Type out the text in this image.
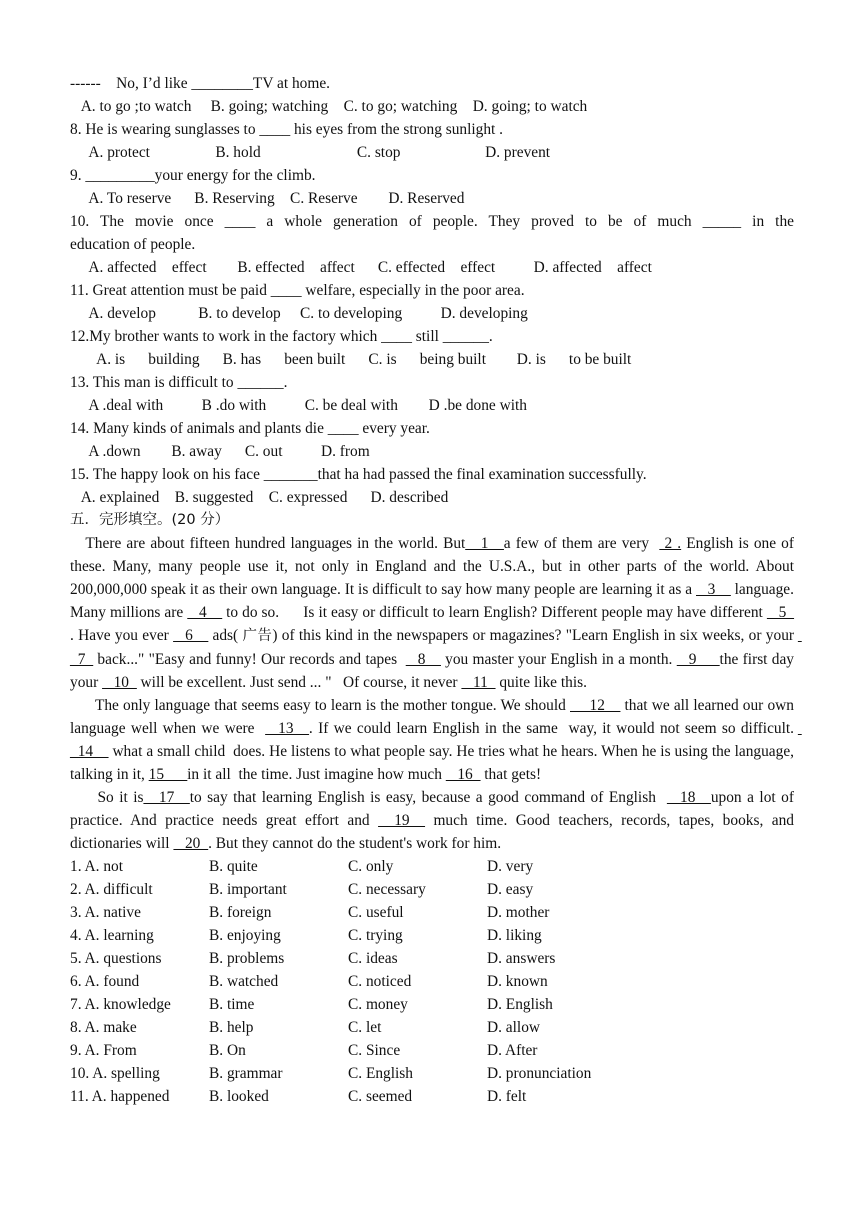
------    No, I’d like ________TV at home.
A. to go ;to watch     B. going; watching    C. to go; watching    D. going; to watch
8. He is wearing sunglasses to ____ his eyes from the strong sunlight .
A. protect                 B. hold                         C. stop                      D. prevent
9. _________your energy for the climb.
A. To reserve      B. Reserving    C. Reserve        D. Reserved
10. The movie once ____ a whole generation of people. They proved to be of much _____ in the
education of people.
A. affected    effect        B. effected    affect      C. effected    effect          D. affected    affect
11. Great attention must be paid ____ welfare, especially in the poor area.
A. develop           B. to develop     C. to developing          D. developing
12.My brother wants to work in the factory which ____ still ______.
A. is      building      B. has      been built      C. is      being built        D. is      to be built
13. This man is difficult to ______.
A .deal with          B .do with          C. be deal with        D .be done with
14. Many kinds of animals and plants die ____ every year.
A .down        B. away      C. out          D. from
15. The happy look on his face _______that ha had passed the final examination successfully.
A. explained    B. suggested    C. expressed      D. described
五．完形填空。(20 分）
There are about fifteen hundred languages in the world. But__1__a few of them are very   2 . English is one of these. Many, many people use it, not only in England and the U.S.A., but in other parts of the world. About 200,000,000 speak it as their own language. It is difficult to say how many people are learning it as a  _3__ language. Many millions are  _4__ to do so.      Is it easy or difficult to learn English? Different people may have different  _5_ . Have you ever  _6__ ads( 广告) of this kind in the newspapers or magazines? "Learn English in six weeks, or your  _7_ back..." "Easy and funny! Our records and tapes   _8__ you master your English in a month.  _9___the first day your  _10_ will be excellent. Just send ... "   Of course, it never  _11_ quite like this.
The only language that seems easy to learn is the mother tongue. We should  __12__ that we all learned our own language well when we were   _13__. If we could learn English in the same  way, it would not seem so difficult.  _14__ what a small child  does. He listens to what people say. He tries what he hears. When he is using the language, talking in it, 15___in it all  the time. Just imagine how much  _16_ that gets!
So it is__17__to say that learning English is easy, because a good command of English   _18__upon a lot of practice. And practice needs great effort and  _19__ much time. Good teachers, records, tapes, books, and dictionaries will  _20_. But they cannot do the student's work for him.
1. A. not	B. quite	C. only	D. very
2. A. difficult	B. important	C. necessary	D. easy
3. A. native	B. foreign	C. useful	D. mother
4. A. learning	B. enjoying	C. trying	D. liking
5. A. questions	B. problems	C. ideas	D. answers
6. A. found	B. watched	C. noticed	D. known
7. A. knowledge	B. time	C. money	D. English
8. A. make	B. help	C. let	D. allow
9. A. From	B. On	C. Since	D. After
10. A. spelling	B. grammar	C. English	D. pronunciation
11. A. happened	B. looked	C. seemed	D. felt
